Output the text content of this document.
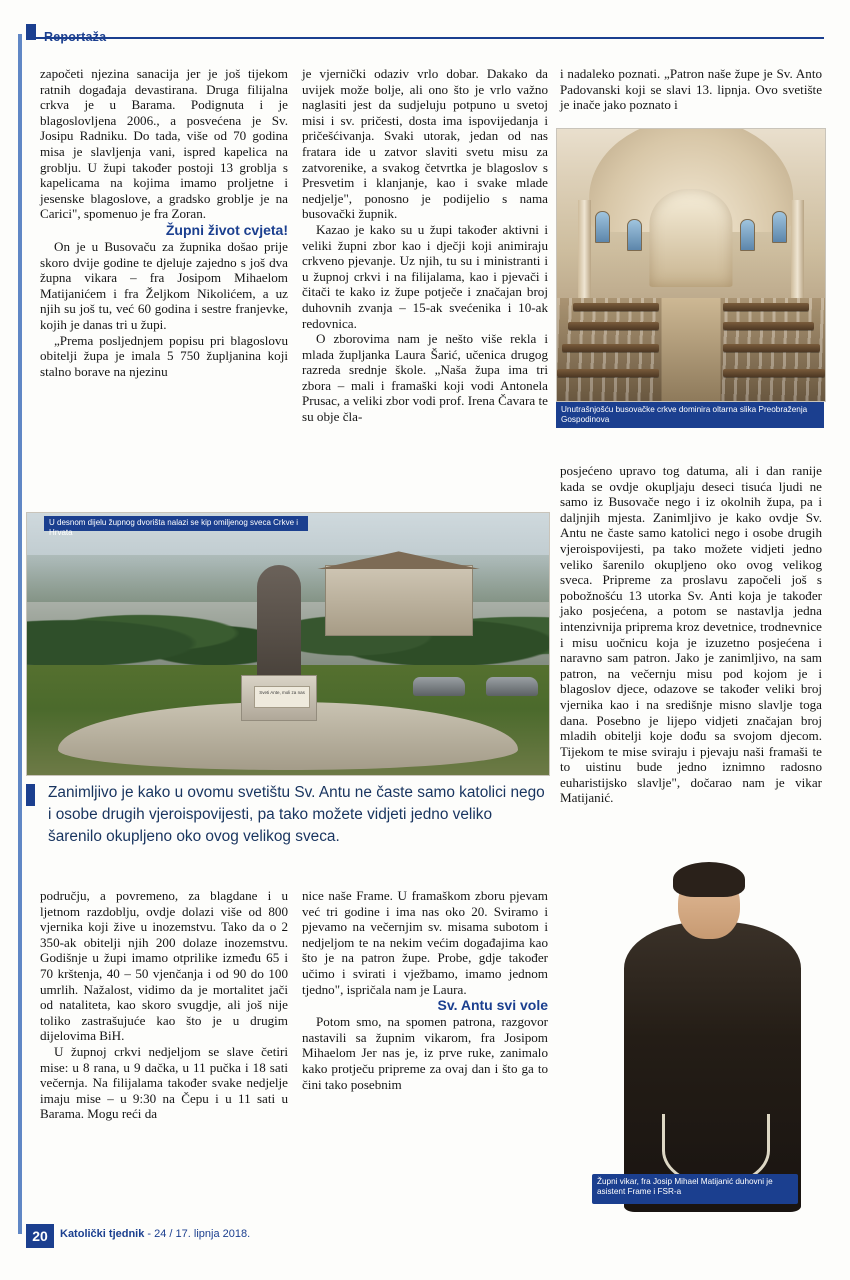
Reportaža

započeti njezina sanacija jer je još tijekom ratnih događaja devastirana. Druga filijalna crkva je u Barama. Podignuta i je blagoslovljena 2006., a posvećena je Sv. Josipu Radniku. Do tada, više od 70 godina misa je slavljenja vani, ispred kapelica na groblju. U župi također postoji 13 groblja s kapelicama na kojima imamo proljetne i jesenske blagoslove, a gradsko groblje je na Carici", spomenuo je fra Zoran.

Župni život cvjeta!

On je u Busovaču za župnika došao prije skoro dvije godine te djeluje zajedno s još dva župna vikara – fra Josipom Mihaelom Matijanićem i fra Željkom Nikolićem, a uz njih su još tu, već 60 godina i sestre franjevke, kojih je danas tri u župi.

„Prema posljednjem popisu pri blagoslovu obitelji župa je imala 5 750 župljanina koji stalno borave na njezinu

je vjernički odaziv vrlo dobar. Dakako da uvijek može bolje, ali ono što je vrlo važno naglasiti jest da sudjeluju potpuno u svetoj misi i sv. pričesti, dosta ima ispovijedanja i pričešćivanja. Svaki utorak, jedan od nas fratara ide u zatvor slaviti svetu misu za zatvorenike, a svakog četvrtka je blagoslov s Presvetim i klanjanje, kao i svake mlade nedjelje", ponosno je podijelio s nama busovački župnik.

Kazao je kako su u župi također aktivni i veliki župni zbor kao i dječji koji animiraju crkveno pjevanje. Uz njih, tu su i ministranti i u župnoj crkvi i na filijalama, kao i pjevači i čitači te kako iz župe potječe i značajan broj duhovnih zvanja – 15-ak svećenika i 10-ak redovnica.

O zborovima nam je nešto više rekla i mlada župljanka Laura Šarić, učenica drugog razreda srednje škole. „Naša župa ima tri zbora – mali i framaški koji vodi Antonela Prusac, a veliki zbor vodi prof. Irena Čavara te su obje čla-

i nadaleko poznati. „Patron naše župe je Sv. Anto Padovanski koji se slavi 13. lipnja. Ovo svetište je inače jako poznato i

Unutrašnjošću busovačke crkve dominira oltarna slika Preobraženja Gospodinova

posjećeno upravo tog datuma, ali i dan ranije kada se ovdje okupljaju deseci tisuća ljudi ne samo iz Busovače nego i iz okolnih župa, pa i daljnjih mjesta. Zanimljivo je kako ovdje Sv. Antu ne časte samo katolici nego i osobe drugih vjeroispovijesti, pa tako možete vidjeti jedno veliko šarenilo okupljeno oko ovog velikog sveca. Pripreme za proslavu započeli još s pobožnošću 13 utorka Sv. Anti koja je također jako posjećena, a potom se nastavlja jedna intenzivnija priprema kroz devetnice, trodnevnice i misu uočnicu koja je izuzetno posjećena i naravno sam patron. Jako je zanimljivo, na sam patron, na večernju misu pod kojom je i blagoslov djece, odazove se također veliki broj vjernika kao i na središnje misno slavlje toga dana. Posebno je lijepo vidjeti značajan broj mladih obitelji koje dođu sa svojom djecom. Tijekom te mise sviraju i pjevaju naši framaši te to uistinu bude jedno iznimno radosno euharistijsko slavlje", dočarao nam je vikar Matijanić.

Sveti Ante, moli za nas
U desnom dijelu župnog dvorišta nalazi se kip omiljenog sveca Crkve i Hrvata
Zanimljivo je kako u ovomu svetištu Sv. Antu ne časte samo katolici nego i osobe drugih vjeroispovijesti, pa tako možete vidjeti jedno veliko šarenilo okupljeno oko ovog velikog sveca.

području, a povremeno, za blagdane i u ljetnom razdoblju, ovdje dolazi više od 800 vjernika koji žive u inozemstvu. Tako da o 2 350-ak obitelji njih 200 dolaze inozemstvu. Godišnje u župi imamo otprilike između 65 i 70 krštenja, 40 – 50 vjenčanja i od 90 do 100 umrlih. Nažalost, vidimo da je mortalitet jači od nataliteta, kao skoro svugdje, ali još nije toliko zastrašujuće kao što je u drugim dijelovima BiH.

U župnoj crkvi nedjeljom se slave četiri mise: u 8 rana, u 9 dačka, u 11 pučka i 18 sati večernja. Na filijalama također svake nedjelje imaju mise – u 9:30 na Čepu i u 11 sati u Barama. Mogu reći da

nice naše Frame. U framaškom zboru pjevam već tri godine i ima nas oko 20. Sviramo i pjevamo na večernjim sv. misama subotom i nedjeljom te na nekim većim događajima kao što je na patron župe. Probe, gdje također učimo i svirati i vježbamo, imamo jednom tjedno", ispričala nam je Laura.

Sv. Antu svi vole

Potom smo, na spomen patrona, razgovor nastavili sa župnim vikarom, fra Josipom Mihaelom Jer nas je, iz prve ruke, zanimalo kako protječu pripreme za ovaj dan i što ga to čini tako posebnim

Župni vikar, fra Josip Mihael Matijanić duhovni je asistent Frame i FSR-a
20	Katolički tjednik - 24 / 17. lipnja 2018.
